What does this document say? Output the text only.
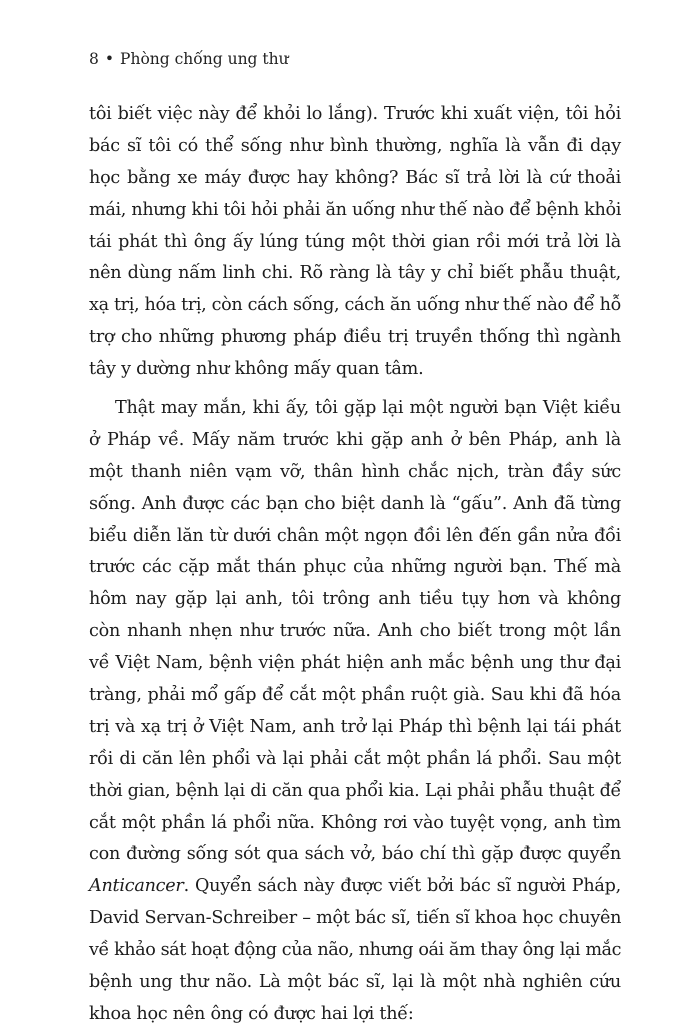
8 • Phòng chống ung thư

tôi biết việc này để khỏi lo lắng). Trước khi xuất viện, tôi hỏi
bác sĩ tôi có thể sống như bình thường, nghĩa là vẫn đi dạy
học bằng xe máy được hay không? Bác sĩ trả lời là cứ thoải
mái, nhưng khi tôi hỏi phải ăn uống như thế nào để bệnh khỏi
tái phát thì ông ấy lúng túng một thời gian rồi mới trả lời là
nên dùng nấm linh chi. Rõ ràng là tây y chỉ biết phẫu thuật,
xạ trị, hóa trị, còn cách sống, cách ăn uống như thế nào để hỗ
trợ cho những phương pháp điều trị truyền thống thì ngành
tây y dường như không mấy quan tâm.

Thật may mắn, khi ấy, tôi gặp lại một người bạn Việt kiều
ở Pháp về. Mấy năm trước khi gặp anh ở bên Pháp, anh là
một thanh niên vạm vỡ, thân hình chắc nịch, tràn đầy sức
sống. Anh được các bạn cho biệt danh là “gấu”. Anh đã từng
biểu diễn lăn từ dưới chân một ngọn đồi lên đến gần nửa đồi
trước các cặp mắt thán phục của những người bạn. Thế mà
hôm nay gặp lại anh, tôi trông anh tiều tụy hơn và không
còn nhanh nhẹn như trước nữa. Anh cho biết trong một lần
về Việt Nam, bệnh viện phát hiện anh mắc bệnh ung thư đại
tràng, phải mổ gấp để cắt một phần ruột già. Sau khi đã hóa
trị và xạ trị ở Việt Nam, anh trở lại Pháp thì bệnh lại tái phát
rồi di căn lên phổi và lại phải cắt một phần lá phổi. Sau một
thời gian, bệnh lại di căn qua phổi kia. Lại phải phẫu thuật để
cắt một phần lá phổi nữa. Không rơi vào tuyệt vọng, anh tìm
con đường sống sót qua sách vở, báo chí thì gặp được quyển
Anticancer. Quyển sách này được viết bởi bác sĩ người Pháp,
David Servan-Schreiber – một bác sĩ, tiến sĩ khoa học chuyên
về khảo sát hoạt động của não, nhưng oái ăm thay ông lại mắc
bệnh ung thư não. Là một bác sĩ, lại là một nhà nghiên cứu
khoa học nên ông có được hai lợi thế:
